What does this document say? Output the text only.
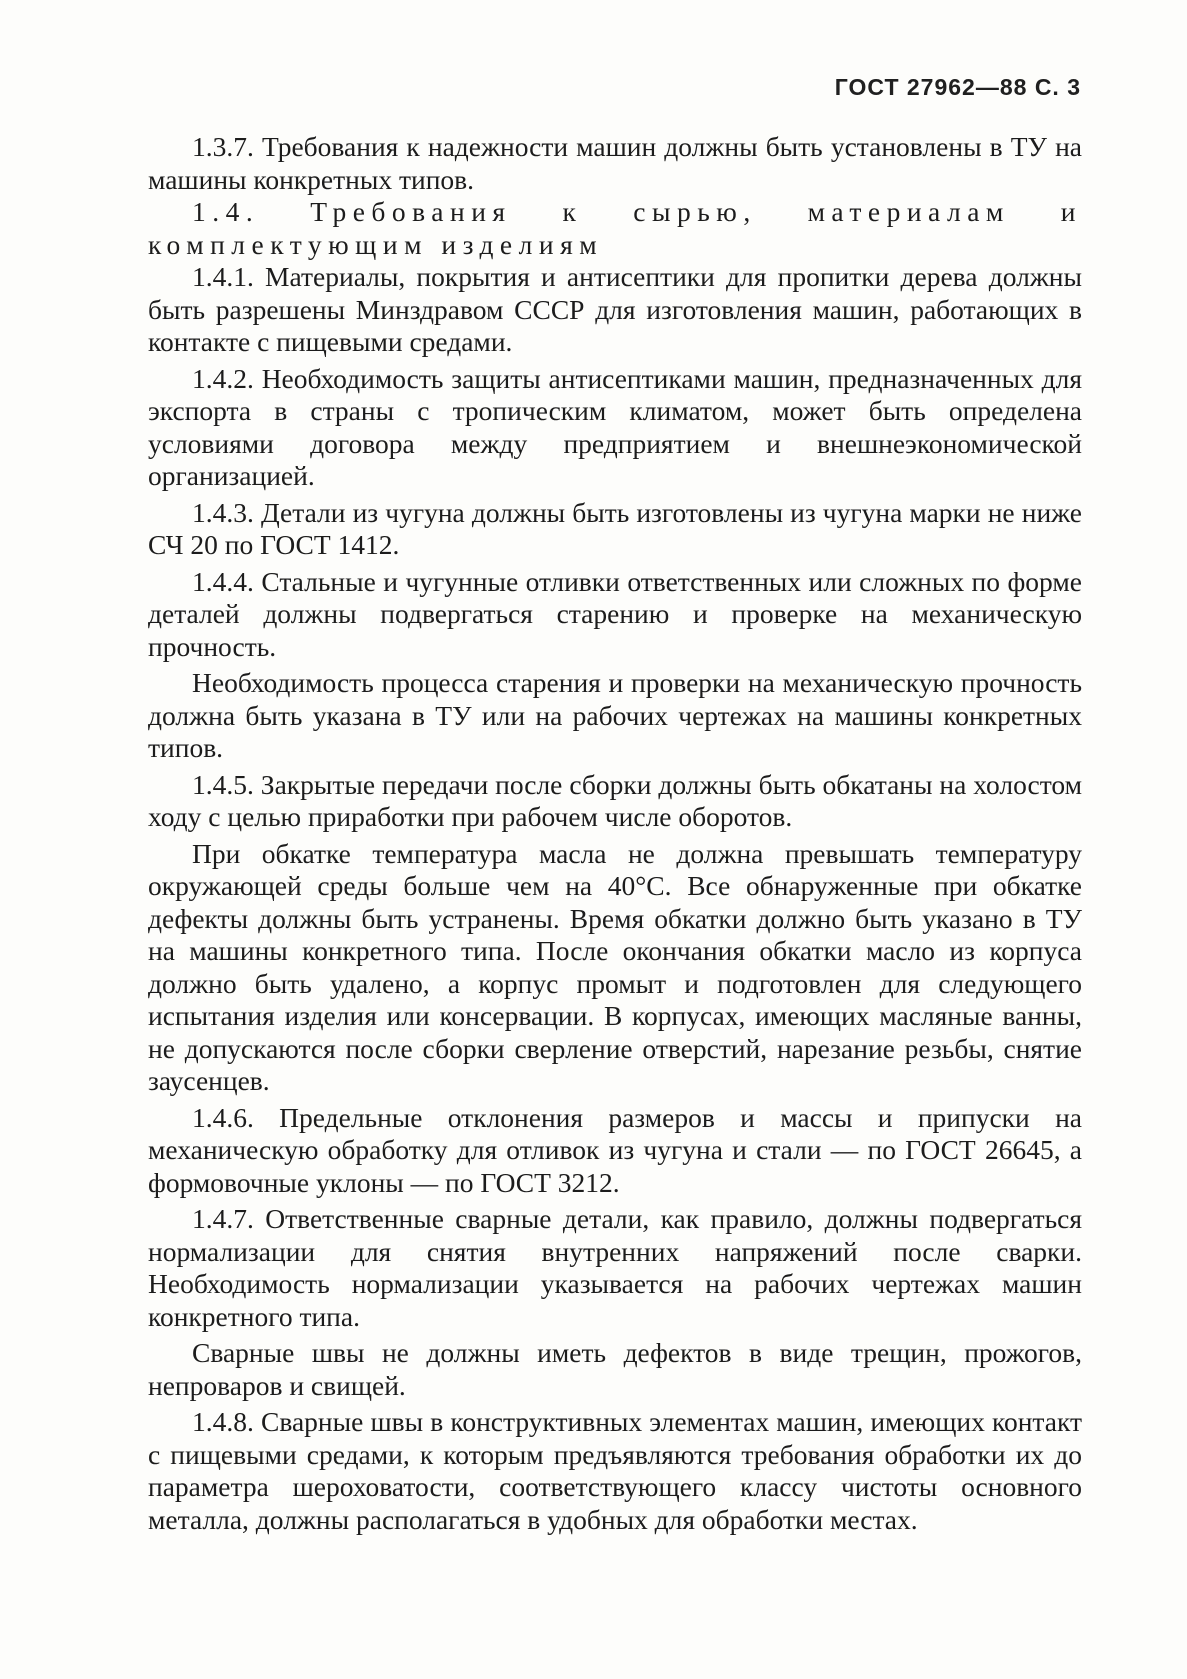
ГОСТ 27962—88 С. 3

1.3.7. Требования к надежности машин должны быть установлены в ТУ на машины конкретных типов.

1.4. Требования к сырью, материалам и комплектующим изделиям

1.4.1. Материалы, покрытия и антисептики для пропитки дерева должны быть разрешены Минздравом СССР для изготовления машин, работающих в контакте с пищевыми средами.

1.4.2. Необходимость защиты антисептиками машин, предназначенных для экспорта в страны с тропическим климатом, может быть определена условиями договора между предприятием и внешнеэкономической организацией.

1.4.3. Детали из чугуна должны быть изготовлены из чугуна марки не ниже СЧ 20 по ГОСТ 1412.

1.4.4. Стальные и чугунные отливки ответственных или сложных по форме деталей должны подвергаться старению и проверке на механическую прочность.

Необходимость процесса старения и проверки на механическую прочность должна быть указана в ТУ или на рабочих чертежах на машины конкретных типов.

1.4.5. Закрытые передачи после сборки должны быть обкатаны на холостом ходу с целью приработки при рабочем числе оборотов.

При обкатке температура масла не должна превышать температуру окружающей среды больше чем на 40°С. Все обнаруженные при обкатке дефекты должны быть устранены. Время обкатки должно быть указано в ТУ на машины конкретного типа. После окончания обкатки масло из корпуса должно быть удалено, а корпус промыт и подготовлен для следующего испытания изделия или консервации. В корпусах, имеющих масляные ванны, не допускаются после сборки сверление отверстий, нарезание резьбы, снятие заусенцев.

1.4.6. Предельные отклонения размеров и массы и припуски на механическую обработку для отливок из чугуна и стали — по ГОСТ 26645, а формовочные уклоны — по ГОСТ 3212.

1.4.7. Ответственные сварные детали, как правило, должны подвергаться нормализации для снятия внутренних напряжений после сварки. Необходимость нормализации указывается на рабочих чертежах машин конкретного типа.

Сварные швы не должны иметь дефектов в виде трещин, прожогов, непроваров и свищей.

1.4.8. Сварные швы в конструктивных элементах машин, имеющих контакт с пищевыми средами, к которым предъявляются требования обработки их до параметра шероховатости, соответствующего классу чистоты основного металла, должны располагаться в удобных для обработки местах.
